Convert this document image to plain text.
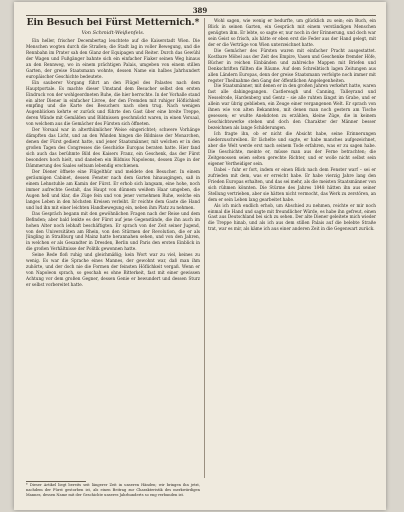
389
Ein Besuch bei Fürst Metternich.*
Von Schmidt-Weißenfels.

Ein heller, frischer Decembertag leuchtete auf die Kaiserstadt Wien. Die Menschen wogten durch die Straßen; die Stadt lag in voller Bewegung, und die Rennbahn im Prater sah den Glanz der Equipagen und Reiter. Durch das Gewühl der Wagen und Fußgänger bahnte sich ein einfacher Fiaker seinen Weg hinaus an den Rennweg, wo in einem prächtigen Palais, umgeben von einem stillen Garten, der greise Staatsmann wohnte, dessen Name ein halbes Jahrhundert europäischer Geschichte bedeutete.

Ein sauberer Vorgang führt an den Flügel des Palastes nach dem Hauptportale. Es machte dieser Umstand dem Besucher selbst den ersten Eindruck von der wohlgeordneten Ruhe, die hier herrschte. In der Vorhalle stand ein alter Diener in einfacher Livree, der den Fremden mit ruhiger Höflichkeit empfing und die Karte des Besuchers nach oben trug. Nach wenigen Augenblicken kehrte er zurück und führte den Gast über eine breite Treppe, deren Wände mit Gemälden und Bildnissen geschmückt waren, in einen Vorsaal, von welchem aus die Gemächer des Fürsten sich öffneten.

Der Vorsaal war in alterthümlicher Weise eingerichtet; schwere Vorhänge dämpften das Licht, und an den Wänden hingen die Bildnisse der Monarchen, denen der Fürst gedient hatte, und jener Staatsmänner, mit welchen er in den großen Tagen des Congresses die Geschicke Europas beraten hatte. Hier fand sich auch das berühmte Bild des Kaisers Franz, ein Geschenk, das der Fürst besonders hoch hielt, und daneben ein Bildniss Napoleons, dessen Züge in der Dämmerung des Saales seltsam lebendig erschienen.

Der Diener öffnete eine Flügelthür und meldete den Besucher. In einem geräumigen Cabinet, dessen Fenster nach dem Garten hinausgingen, saß in einem Lehnstuhle am Kamin der Fürst. Er erhob sich langsam, eine hohe, noch immer aufrechte Gestalt, das Haupt von dünnem weißem Haar umgeben, die Augen hell und klar, die Züge fein und von jener vornehmen Ruhe, welche ein langes Leben in den höchsten Kreisen verleiht. Er reichte dem Gaste die Hand und lud ihn mit einer leichten Handbewegung ein, neben ihm Platz zu nehmen.

Das Gespräch begann mit den gewöhnlichen Fragen nach der Reise und dem Befinden; aber bald lenkte es der Fürst auf jene Gegenstände, die ihn auch im hohen Alter noch lebhaft beschäftigten. Er sprach von der Zeit seiner Jugend, von den Universitäten am Rhein, von den Stürmen der Revolution, die er als Jüngling in Straßburg und Mainz hatte herannahen sehen, und von den Jahren, in welchen er als Gesandter in Dresden, Berlin und Paris den ersten Einblick in die großen Verhältnisse der Politik gewonnen hatte.

Seine Rede floß ruhig und gleichmäßig; kein Wort war zu viel, keines zu wenig. Es war die Sprache eines Mannes, der gewohnt war, daß man ihm zuhörte, und der doch nie die Formen der feinsten Höflichkeit vergaß. Wenn er von Napoleon sprach, so geschah es ohne Bitterkeit, fast mit einer gewissen Achtung vor dem großen Gegner, dessen Genie er bewundert und dessen Sturz er selbst vorbereitet hatte.

Wohl sagen, wie wenig er bedurfte, um glücklich zu sein; ein Buch, ein Blick in seinen Garten, ein Gespräch mit einem verständigen Menschen genügten ihm. Er lebte, so sagte er, nur noch in der Erinnerung, und doch war sein Geist so frisch, als hätte er eben erst die Feder aus der Hand gelegt, mit der er die Verträge von Wien unterzeichnet hatte.

Die Gemächer des Fürsten waren mit einfacher Pracht ausgestattet. Kostbare Möbel aus der Zeit des Empire, Vasen und Geschenke fremder Höfe, Bücher in reichen Einbänden und zahlreiche Mappen mit Briefen und Denkschriften füllten die Räume. Auf dem Schreibtisch lagen Zeitungen aus allen Ländern Europas, denn der greise Staatsmann verfolgte noch immer mit regster Theilnahme den Gang der öffentlichen Angelegenheiten.

Die Staatsmänner, mit denen er in den großen Jahren verkehrt hatte, waren fast alle dahingegangen. Castlereagh und Canning, Talleyrand und Nesselrode, Hardenberg und Gentz – sie alle ruhten längst im Grabe, und er allein war übrig geblieben, ein Zeuge einer vergangenen Welt. Er sprach von ihnen wie von alten Bekannten, mit denen man noch gestern am Tische gesessen; er wußte Anekdoten zu erzählen, kleine Züge, die in keinem Geschichtswerke stehen und doch den Charakter der Männer besser bezeichnen als lange Schilderungen.

Ich fragte ihn, ob er nicht die Absicht habe, seine Erinnerungen niederzuschreiben. Er lächelte und sagte, er habe manches aufgezeichnet, aber die Welt werde erst nach seinem Tode erfahren, was er zu sagen habe. Die Geschichte, meinte er, müsse man aus der Ferne betrachten; die Zeitgenossen seien selten gerechte Richter, und er wolle nicht selbst sein eigener Vertheidiger sein.

Dabei – fuhr er fort, indem er einen Blick nach dem Fenster warf – sei er zufrieden mit dem, was er erreicht habe. Er habe vierzig Jahre lang den Frieden Europas erhalten, und das sei mehr, als die meisten Staatsmänner von sich rühmen könnten. Die Stürme des Jahres 1848 hätten ihn aus seiner Stellung vertrieben, aber sie hätten nicht vermocht, das Werk zu zerstören, an dem er sein Leben lang gearbeitet habe.

Als ich mich endlich erhob, um Abschied zu nehmen, reichte er mir noch einmal die Hand und sagte mit freundlicher Würde, es habe ihn gefreut, einen Gast aus Deutschland bei sich zu sehen. Der alte Diener geleitete mich wieder die Treppe hinab, und als ich aus dem stillen Palais auf die belebte Straße trat, war es mir, als käme ich aus einer anderen Zeit in die Gegenwart zurück.

* Dieser Artikel liegt bereits seit längerer Zeit in unseren Händen; wir bringen ihn jetzt, nachdem der Fürst gestorben ist, als einen Beitrag zur Charakteristik des merkwürdigen Mannes, dessen Name mit der Geschichte unseres Jahrhunderts so eng verbunden ist.
